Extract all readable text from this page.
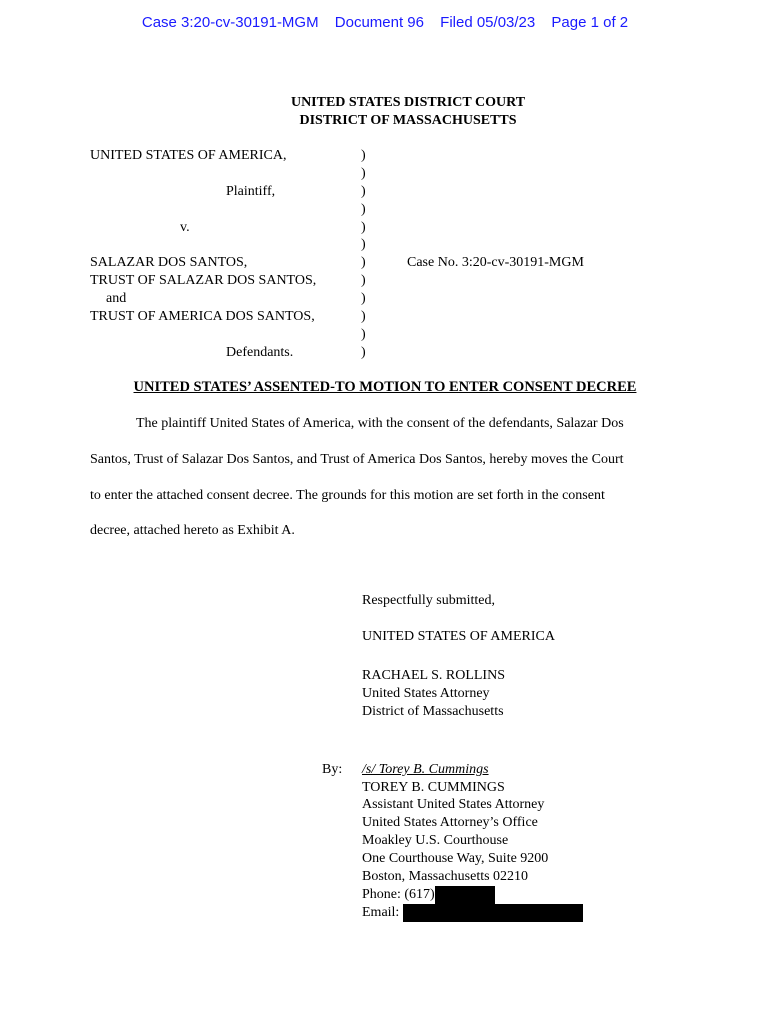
Case 3:20-cv-30191-MGM Document 96 Filed 05/03/23 Page 1 of 2
UNITED STATES DISTRICT COURT
DISTRICT OF MASSACHUSETTS
UNITED STATES OF AMERICA,
Plaintiff,
v.
SALAZAR DOS SANTOS,
TRUST OF SALAZAR DOS SANTOS,
and
TRUST OF AMERICA DOS SANTOS,
Defendants.
)
)
)
)
)
)
)
)
)
)
)
)
Case No. 3:20-cv-30191-MGM
UNITED STATES’ ASSENTED-TO MOTION TO ENTER CONSENT DECREE
The plaintiff United States of America, with the consent of the defendants, Salazar Dos
Santos, Trust of Salazar Dos Santos, and Trust of America Dos Santos, hereby moves the Court
to enter the attached consent decree. The grounds for this motion are set forth in the consent
decree, attached hereto as Exhibit A.
Respectfully submitted,
UNITED STATES OF AMERICA
RACHAEL S. ROLLINS
United States Attorney
District of Massachusetts
By: /s/ Torey B. Cummings
TOREY B. CUMMINGS
Assistant United States Attorney
United States Attorney’s Office
Moakley U.S. Courthouse
One Courthouse Way, Suite 9200
Boston, Massachusetts 02210
Phone: (617)
Email:
